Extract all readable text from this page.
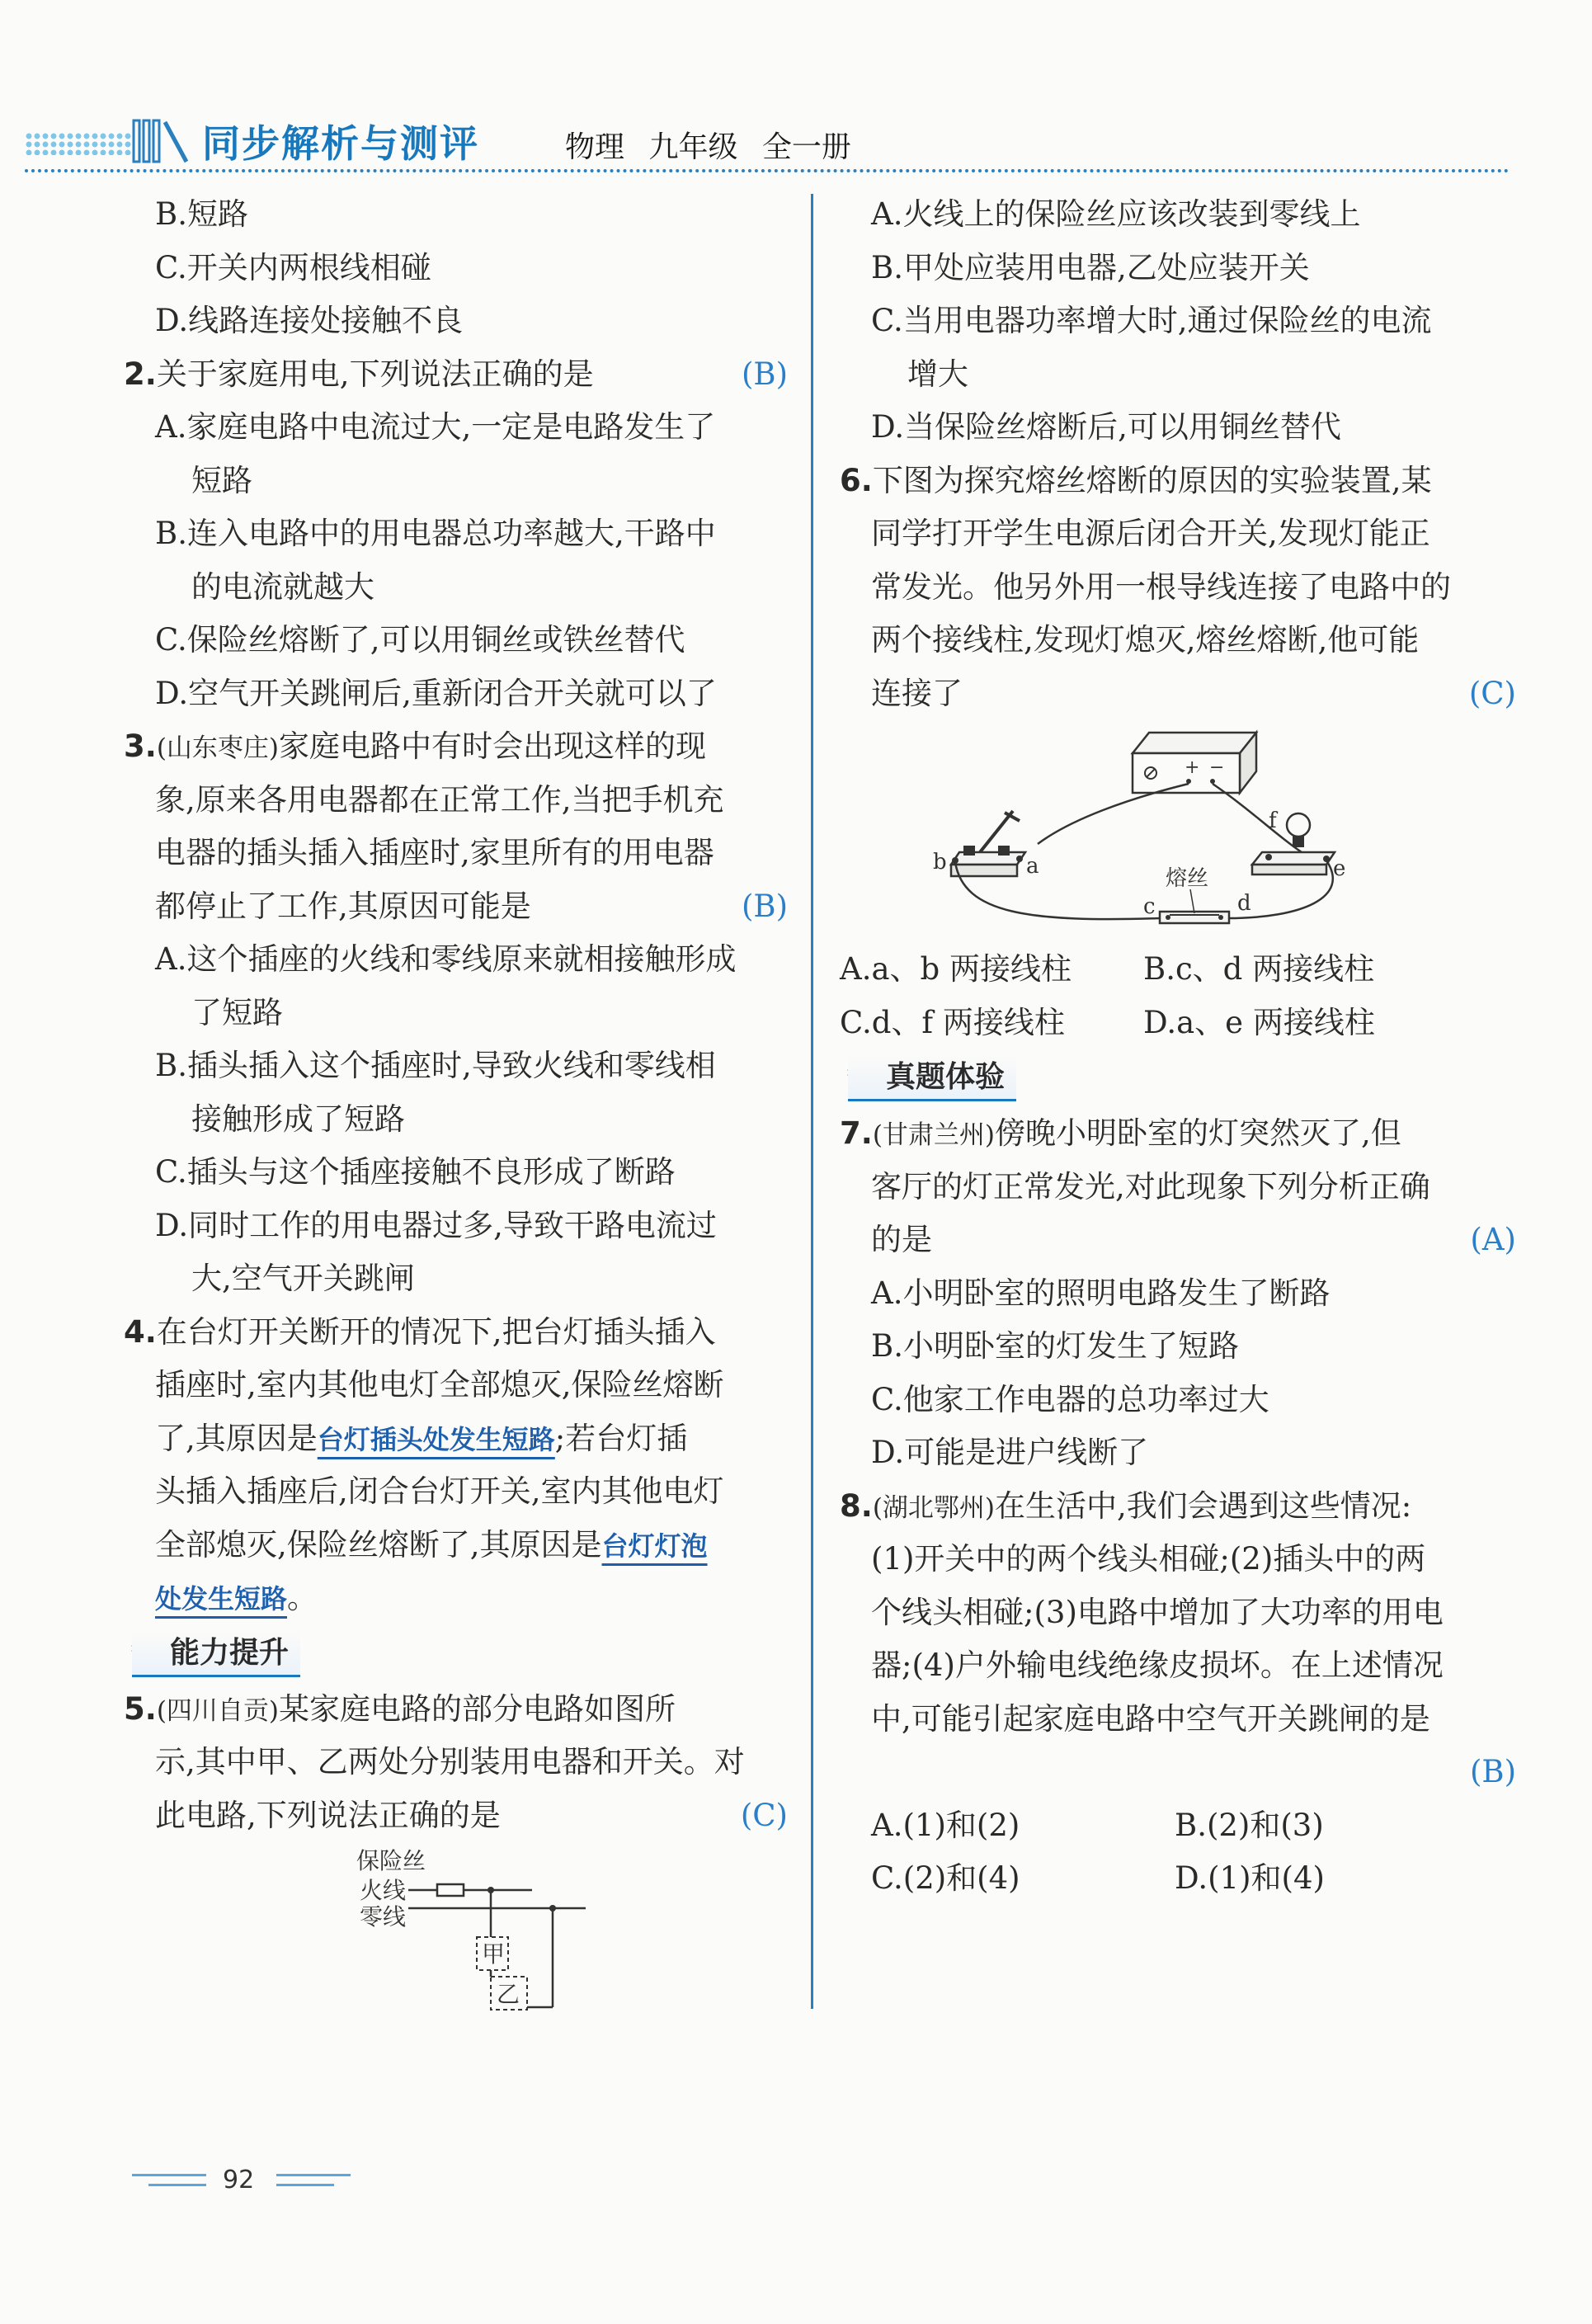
同步解析与测评	物理 九年级 全一册
B.短路
C.开关内两根线相碰
D.线路连接处接触不良
2.关于家庭用电,下列说法正确的是	(B)
A.家庭电路中电流过大,一定是电路发生了
短路
B.连入电路中的用电器总功率越大,干路中
的电流就越大
C.保险丝熔断了,可以用铜丝或铁丝替代
D.空气开关跳闸后,重新闭合开关就可以了
3.(山东枣庄)家庭电路中有时会出现这样的现
象,原来各用电器都在正常工作,当把手机充
电器的插头插入插座时,家里所有的用电器
都停止了工作,其原因可能是	(B)
A.这个插座的火线和零线原来就相接触形成
了短路
B.插头插入这个插座时,导致火线和零线相
接触形成了短路
C.插头与这个插座接触不良形成了断路
D.同时工作的用电器过多,导致干路电流过
大,空气开关跳闸
4.在台灯开关断开的情况下,把台灯插头插入
插座时,室内其他电灯全部熄灭,保险丝熔断
了,其原因是台灯插头处发生短路;若台灯插
头插入插座后,闭合台灯开关,室内其他电灯
全部熄灭,保险丝熔断了,其原因是台灯灯泡
处发生短路。
能力提升
5.(四川自贡)某家庭电路的部分电路如图所
示,其中甲、乙两处分别装用电器和开关。对
此电路,下列说法正确的是	(C)
保险丝
火线
零线
甲
乙
A.火线上的保险丝应该改装到零线上
B.甲处应装用电器,乙处应装开关
C.当用电器功率增大时,通过保险丝的电流
增大
D.当保险丝熔断后,可以用铜丝替代
6.下图为探究熔丝熔断的原因的实验装置,某
同学打开学生电源后闭合开关,发现灯能正
常发光。他另外用一根导线连接了电路中的
两个接线柱,发现灯熄灭,熔丝熔断,他可能
连接了	(C)
+ −
b	a
f
e
c	d
熔丝
A.a、b 两接线柱 B.c、d 两接线柱
C.d、f 两接线柱	D.a、e 两接线柱
真题体验
7.(甘肃兰州)傍晚小明卧室的灯突然灭了,但
客厅的灯正常发光,对此现象下列分析正确
的是	(A)
A.小明卧室的照明电路发生了断路
B.小明卧室的灯发生了短路
C.他家工作电器的总功率过大
D.可能是进户线断了
8.(湖北鄂州)在生活中,我们会遇到这些情况:
(1)开关中的两个线头相碰;(2)插头中的两
个线头相碰;(3)电路中增加了大功率的用电
器;(4)户外输电线绝缘皮损坏。在上述情况
中,可能引起家庭电路中空气开关跳闸的是
(B)
A.(1)和(2)	B.(2)和(3)
C.(2)和(4)	D.(1)和(4)
92
